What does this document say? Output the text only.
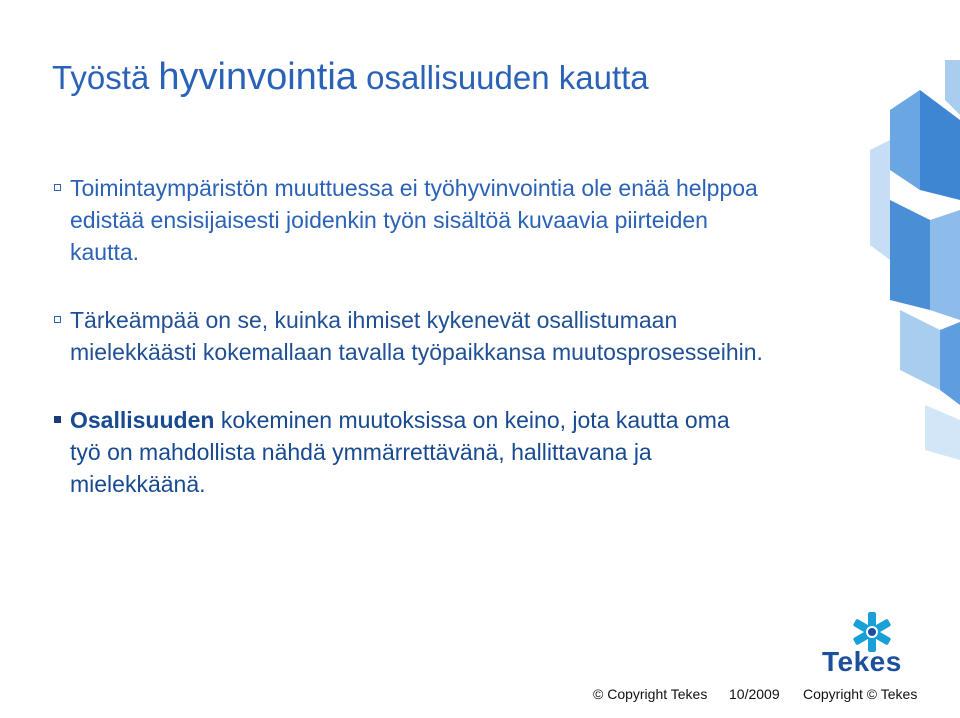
Työstä hyvinvointia osallisuuden kautta
Toimintaympäristön muuttuessa ei työhyvinvointia ole enää helppoa
edistää ensisijaisesti joidenkin työn sisältöä kuvaavia piirteiden
kautta.
Tärkeämpää on se, kuinka ihmiset kykenevät osallistumaan
mielekkäästi kokemallaan tavalla työpaikkansa muutosprosesseihin.
Osallisuuden kokeminen muutoksissa on keino, jota kautta oma
työ on mahdollista nähdä ymmärrettävänä, hallittavana ja
mielekkäänä.
Tekes
© Copyright Tekes 10/2009 Copyright © Tekes
